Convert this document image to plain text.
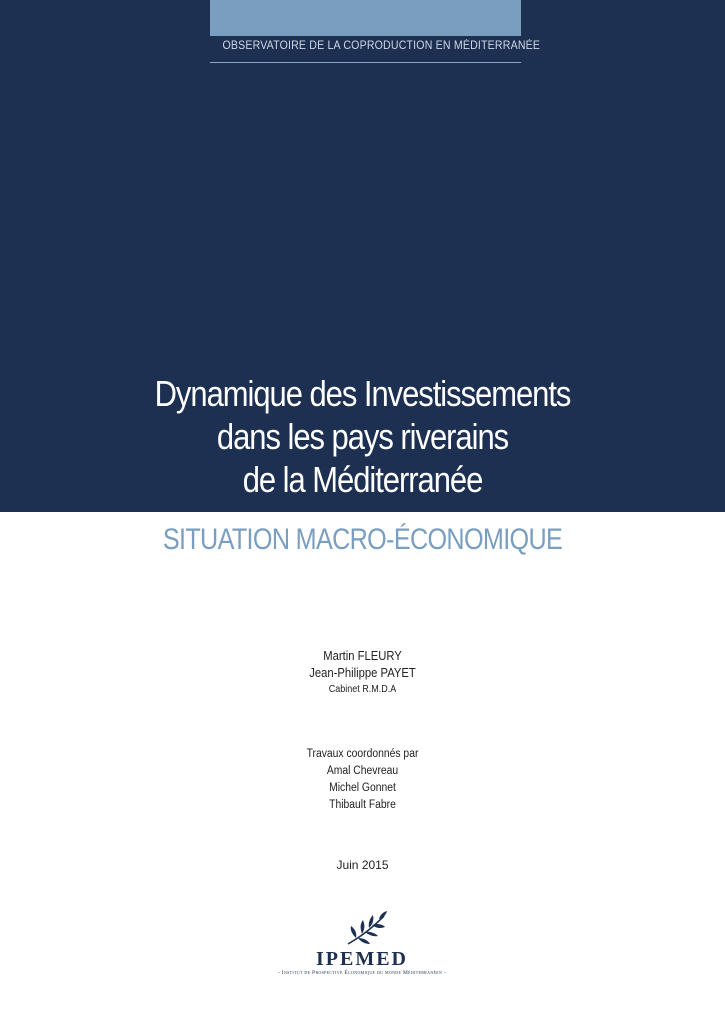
OBSERVATOIRE DE LA COPRODUCTION EN MÉDITERRANÉE
Dynamique des Investissements
dans les pays riverains
de la Méditerranée
SITUATION MACRO-ÉCONOMIQUE
Martin FLEURY
Jean-Philippe PAYET
Cabinet R.M.D.A
Travaux coordonnés par
Amal Chevreau
Michel Gonnet
Thibault Fabre
Juin 2015
IPEMED
- Institut de Prospective Économique du monde Méditerranéen -
